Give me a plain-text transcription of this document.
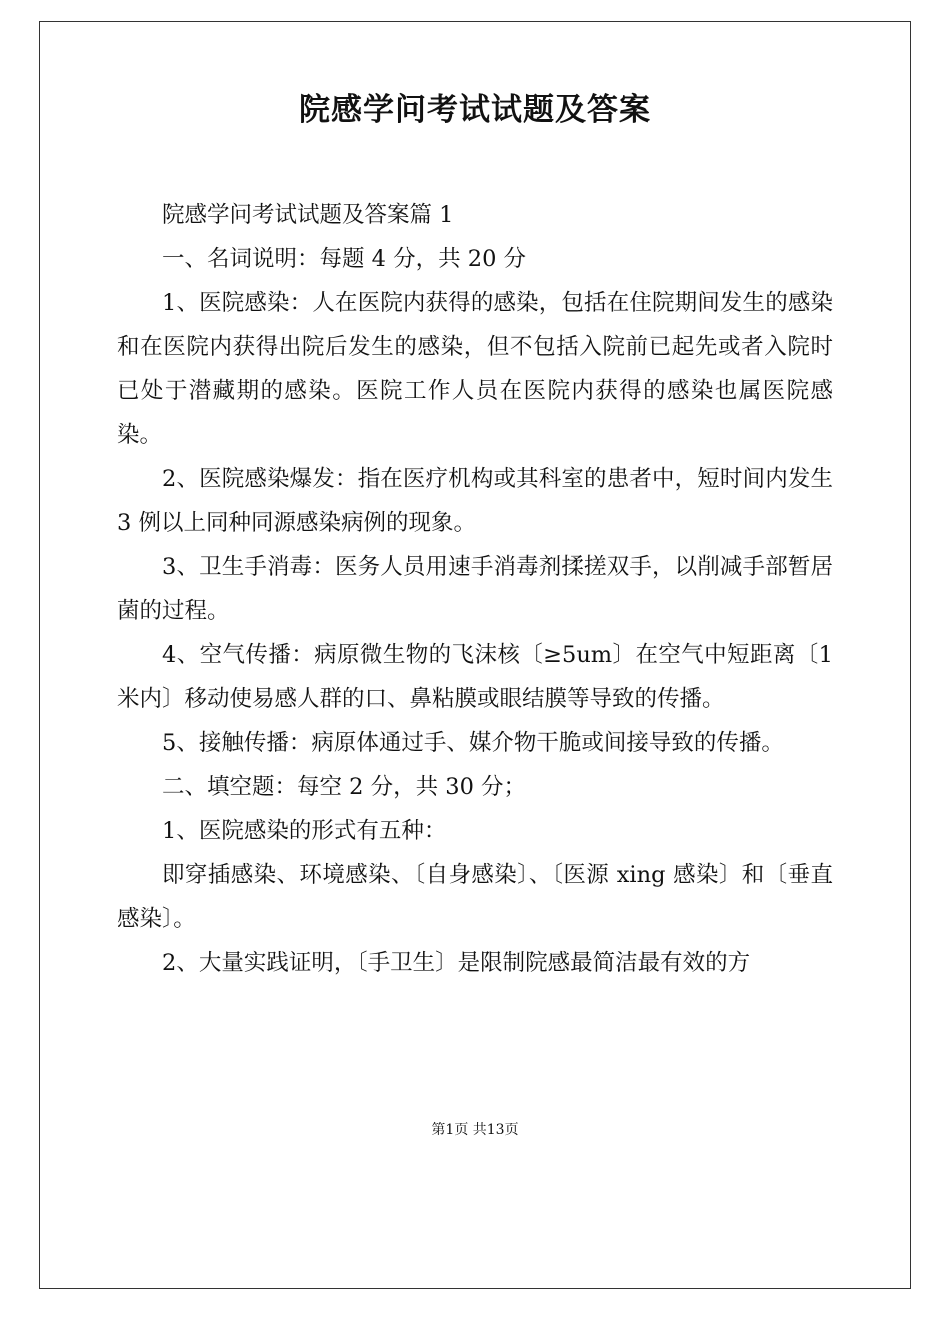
院感学问考试试题及答案

院感学问考试试题及答案篇 1

一、名词说明：每题 4 分，共 20 分

1、医院感染：人在医院内获得的感染，包括在住院期间发生的感染和在医院内获得出院后发生的感染，但不包括入院前已起先或者入院时已处于潜藏期的感染。医院工作人员在医院内获得的感染也属医院感染。

2、医院感染爆发：指在医疗机构或其科室的患者中，短时间内发生 3 例以上同种同源感染病例的现象。

3、卫生手消毒：医务人员用速手消毒剂揉搓双手，以削减手部暂居菌的过程。

4、空气传播：病原微生物的飞沫核〔≥5um〕在空气中短距离〔1 米内〕移动使易感人群的口、鼻粘膜或眼结膜等导致的传播。

5、接触传播：病原体通过手、媒介物干脆或间接导致的传播。

二、填空题：每空 2 分，共 30 分；

1、医院感染的形式有五种：

即穿插感染、环境感染、〔自身感染〕、〔医源 xing 感染〕和〔垂直感染〕。

2、大量实践证明，〔手卫生〕是限制院感最简洁最有效的方

第1页 共13页
